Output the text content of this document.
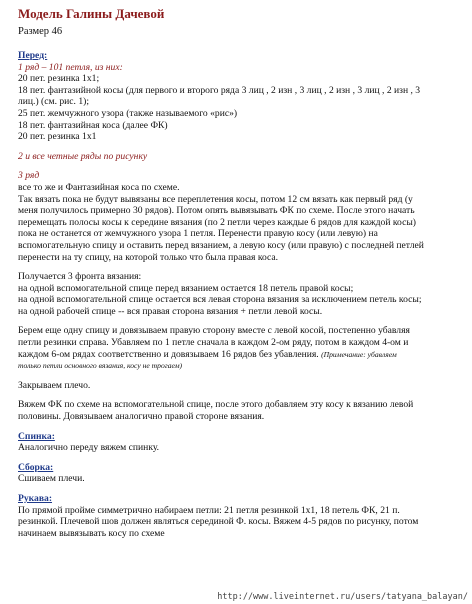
Модель Галины Дачевой
Размер 46

Перед:

1 ряд – 101 петля, из них:

20 пет. резинка 1х1;

18 пет. фантазийной косы (для первого и второго ряда 3 лиц , 2 изн , 3 лиц , 2 изн , 3 лиц , 2 изн , 3

лиц.) (см. рис. 1);

25 пет. жемчужного узора (также называемого «рис»)

18 пет. фантазийная коса (далее ФК)

20 пет. резинка 1х1

2 и все четные ряды по рисунку

3 ряд

все то же и Фантазийная коса по схеме.

Так вязать пока не будут вывязаны все переплетения косы, потом 12 см вязать как первый ряд (у

меня получилось примерно 30 рядов). Потом опять вывязывать ФК по схеме. После этого начать

перемещать полосы косы к середине вязания (по 2 петли через каждые 6 рядов для каждой косы)

пока не останется от жемчужного узора 1 петля. Перенести правую косу (или левую) на

вспомогательную спицу и оставить перед вязанием, а левую косу (или правую) с последней петлей

перенести на ту спицу, на которой только что была правая коса.

Получается 3 фронта вязания:

на одной вспомогательной спице перед вязанием остается 18 петель правой косы;

на одной вспомогательной спице остается вся левая сторона вязания за исключением петель косы;

на одной рабочей спице -- вся правая сторона вязания + петли левой косы.

Берем еще одну спицу и довязываем правую сторону вместе с левой косой, постепенно убавляя

петли резинки справа. Убавляем по 1 петле сначала в каждом 2-ом ряду, потом в каждом 4-ом и

каждом 6-ом рядах соответственно и довязываем 16 рядов без убавления. (Примечание: убавляем

только петли основного вязания, косу не трогаем)

Закрываем плечо.

Вяжем ФК по схеме на вспомогательной спице, после этого добавляем эту косу к вязанию левой

половины. Довязываем аналогично правой стороне вязания.

Спинка:

Аналогично переду вяжем спинку.

Сборка:

Сшиваем плечи.

Рукава:

По прямой пройме симметрично набираем петли: 21 петля резинкой 1х1, 18 петель ФК, 21 п.

резинкой. Плечевой шов должен являться серединой Ф. косы. Вяжем 4-5 рядов по рисунку, потом

начинаем вывязывать косу по схеме

http://www.liveinternet.ru/users/tatyana_balayan/
